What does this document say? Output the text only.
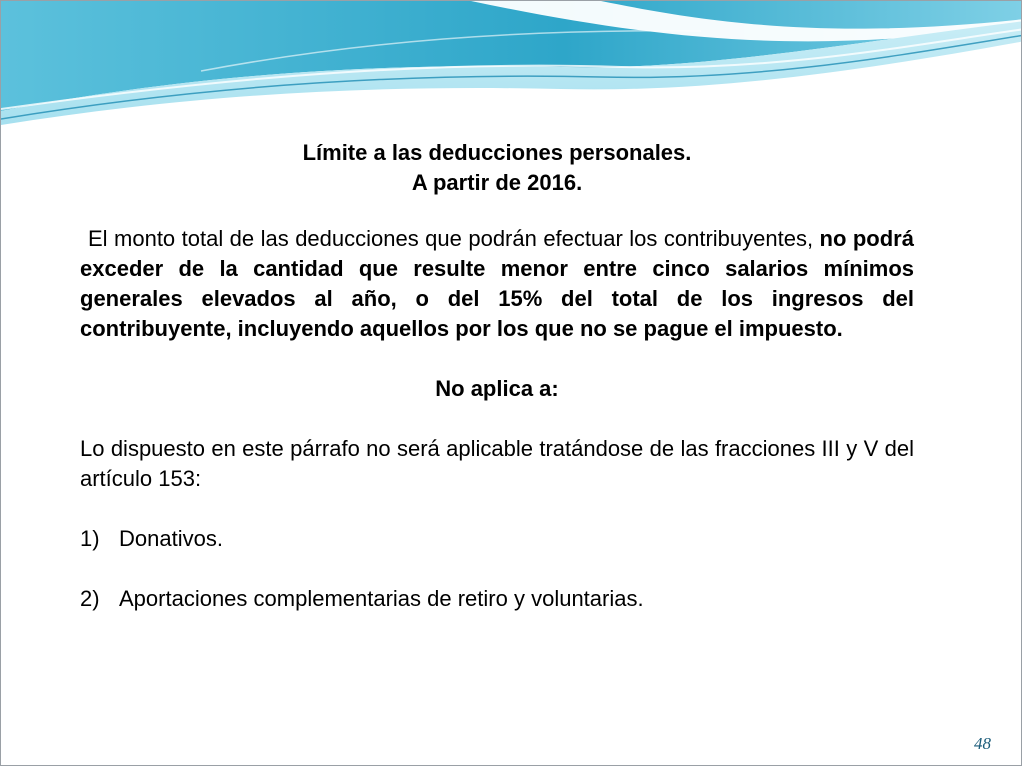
Límite a las deducciones personales.
A partir de 2016.
El monto total de las deducciones que podrán efectuar los contribuyentes, no podrá exceder de la cantidad que resulte menor entre cinco salarios mínimos generales elevados al año, o del 15% del total de los ingresos del contribuyente, incluyendo aquellos por los que no se pague el impuesto.
No aplica a:
Lo dispuesto en este párrafo no será aplicable tratándose de las fracciones III y V del artículo 153:
1) Donativos.
2) Aportaciones complementarias de retiro y voluntarias.
48
